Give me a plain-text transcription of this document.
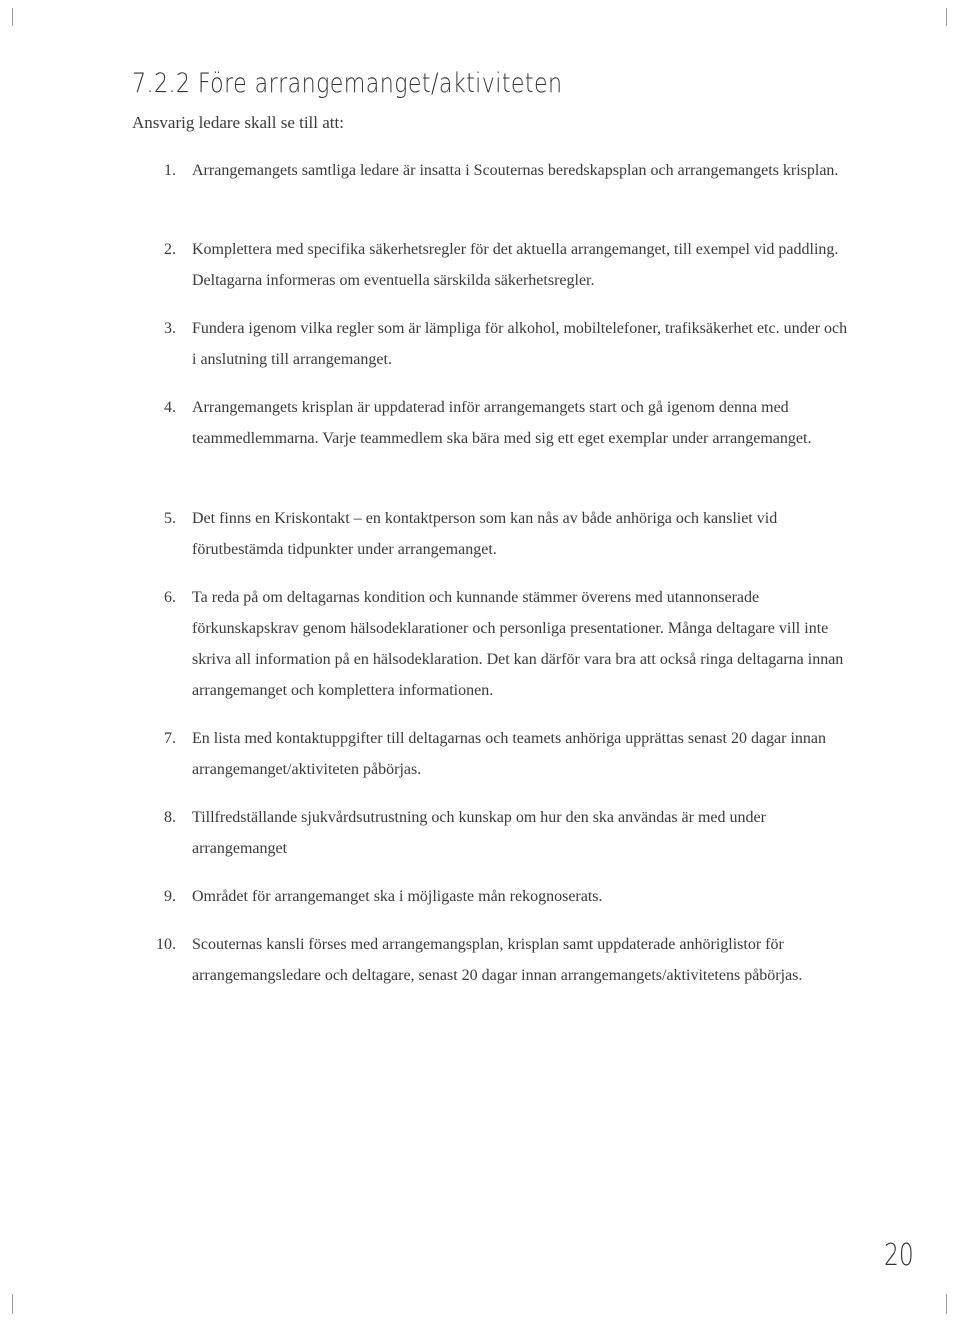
7.2.2 Före arrangemanget/aktiviteten

Ansvarig ledare skall se till att:

1. Arrangemangets samtliga ledare är insatta i Scouternas beredskapsplan och arrangemangets krisplan.

2. Komplettera med specifika säkerhetsregler för det aktuella arrangemanget, till exempel vid paddling. Deltagarna informeras om eventuella särskilda säkerhetsregler.

3. Fundera igenom vilka regler som är lämpliga för alkohol, mobiltelefoner, trafiksäkerhet etc. under och i anslutning till arrangemanget.

4. Arrangemangets krisplan är uppdaterad inför arrangemangets start och gå igenom denna med teammedlemmarna. Varje teammedlem ska bära med sig ett eget exemplar under arrangemanget.

5. Det finns en Kriskontakt – en kontaktperson som kan nås av både anhöriga och kansliet vid förutbestämda tidpunkter under arrangemanget.

6. Ta reda på om deltagarnas kondition och kunnande stämmer överens med utannonserade förkunskapskrav genom hälsodeklarationer och personliga presentationer. Många deltagare vill inte skriva all information på en hälsodeklaration. Det kan därför vara bra att också ringa deltagarna innan arrangemanget och komplettera informationen.

7. En lista med kontaktuppgifter till deltagarnas och teamets anhöriga upprättas senast 20 dagar innan arrangemanget/aktiviteten påbörjas.

8. Tillfredställande sjukvårdsutrustning och kunskap om hur den ska användas är med under arrangemanget

9. Området för arrangemanget ska i möjligaste mån rekognoserats.

10. Scouternas kansli förses med arrangemangsplan, krisplan samt uppdaterade anhöriglistor för arrangemangsledare och deltagare, senast 20 dagar innan arrangemangets/aktivitetens påbörjas.

20
